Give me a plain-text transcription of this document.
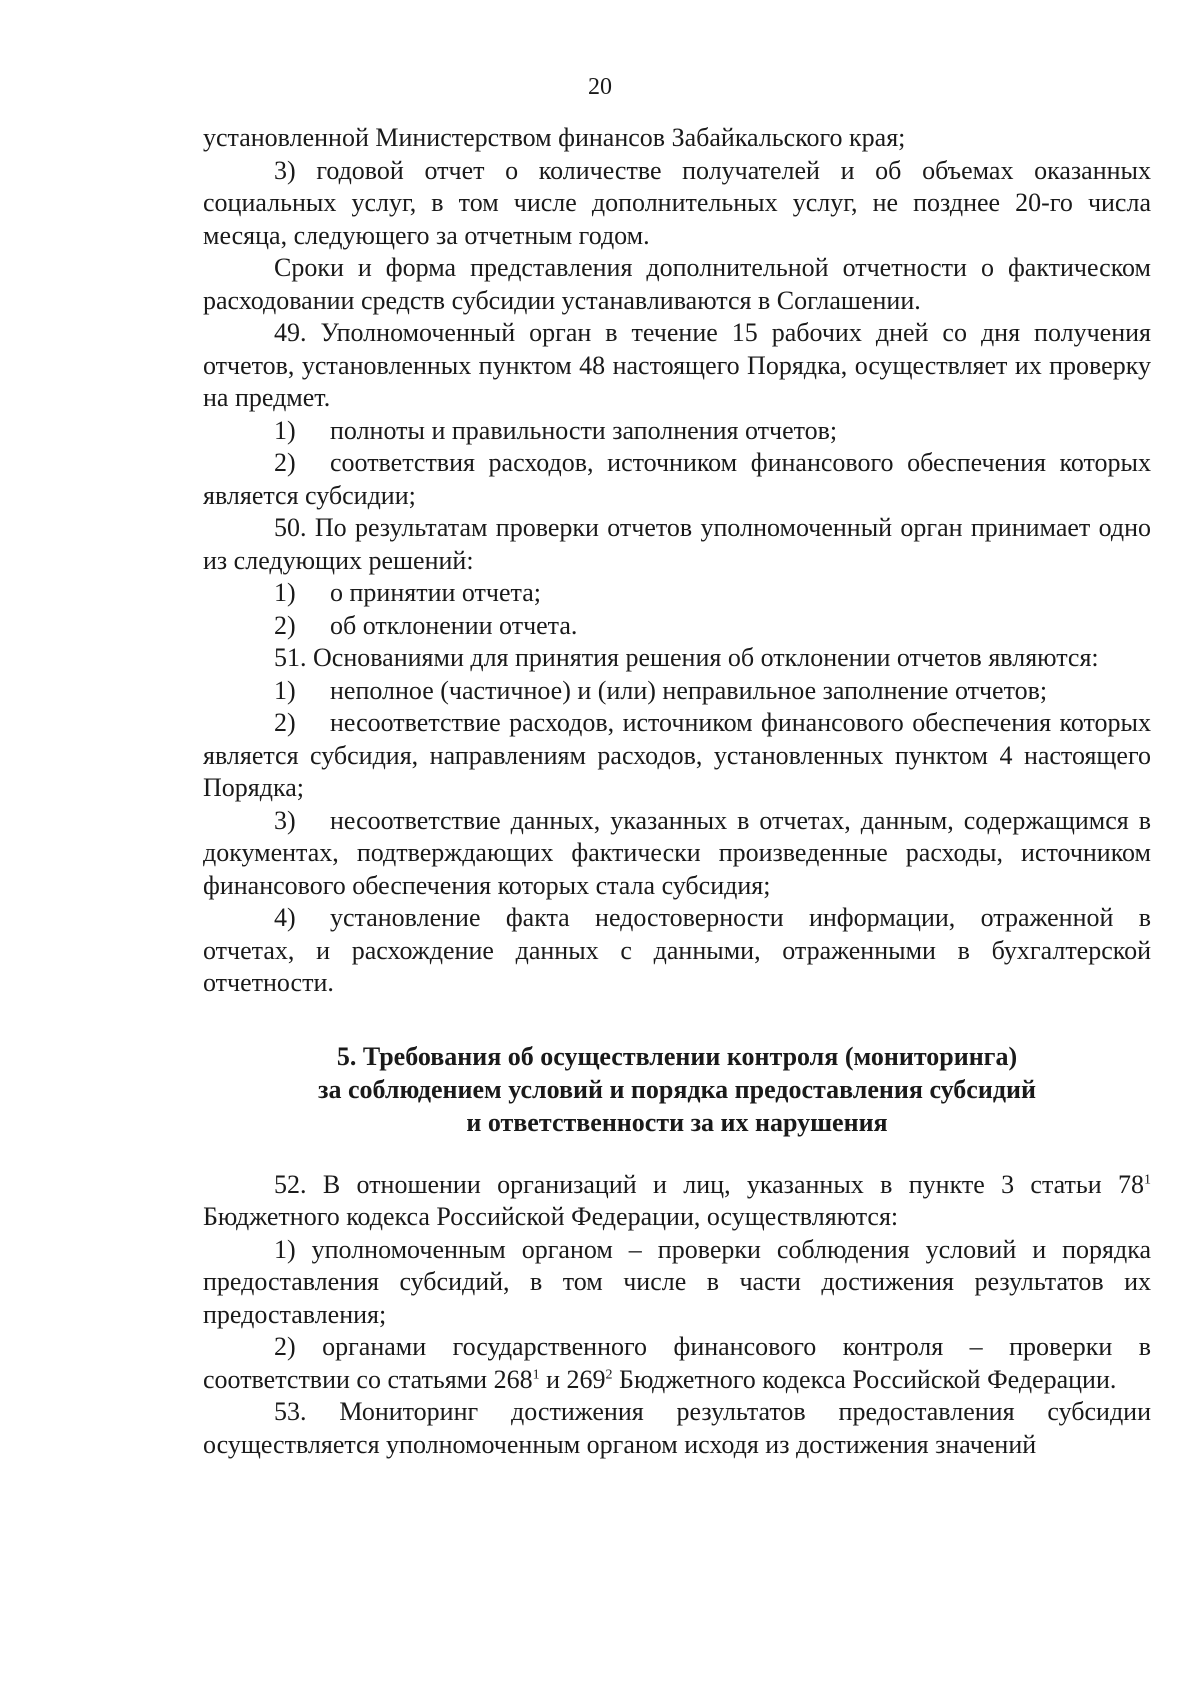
20

установленной Министерством финансов Забайкальского края;

3) годовой отчет о количестве получателей и об объемах оказанных социальных услуг, в том числе дополнительных услуг, не позднее 20-го числа месяца, следующего за отчетным годом.

Сроки и форма представления дополнительной отчетности о фактическом расходовании средств субсидии устанавливаются в Соглашении.

49. Уполномоченный орган в течение 15 рабочих дней со дня получения отчетов, установленных пунктом 48 настоящего Порядка, осуществляет их проверку на предмет.

1) полноты и правильности заполнения отчетов;

2) соответствия расходов, источником финансового обеспечения которых является субсидии;

50. По результатам проверки отчетов уполномоченный орган принимает одно из следующих решений:

1) о принятии отчета;

2) об отклонении отчета.

51. Основаниями для принятия решения об отклонении отчетов являются:

1) неполное (частичное) и (или) неправильное заполнение отчетов;

2) несоответствие расходов, источником финансового обеспечения которых является субсидия, направлениям расходов, установленных пунктом 4 настоящего Порядка;

3) несоответствие данных, указанных в отчетах, данным, содержащимся в документах, подтверждающих фактически произведенные расходы, источником финансового обеспечения которых стала субсидия;

4) установление факта недостоверности информации, отраженной в отчетах, и расхождение данных с данными, отраженными в бухгалтерской отчетности.

5. Требования об осуществлении контроля (мониторинга)
за соблюдением условий и порядка предоставления субсидий
и ответственности за их нарушения

52. В отношении организаций и лиц, указанных в пункте 3 статьи $78^1$ Бюджетного кодекса Российской Федерации, осуществляются:

1) уполномоченным органом – проверки соблюдения условий и порядка предоставления субсидий, в том числе в части достижения результатов их предоставления;

2) органами государственного финансового контроля – проверки в соответствии со статьями $268^1$ и $269^2$ Бюджетного кодекса Российской Федерации.

53. Мониторинг достижения результатов предоставления субсидии осуществляется уполномоченным органом исходя из достижения значений
